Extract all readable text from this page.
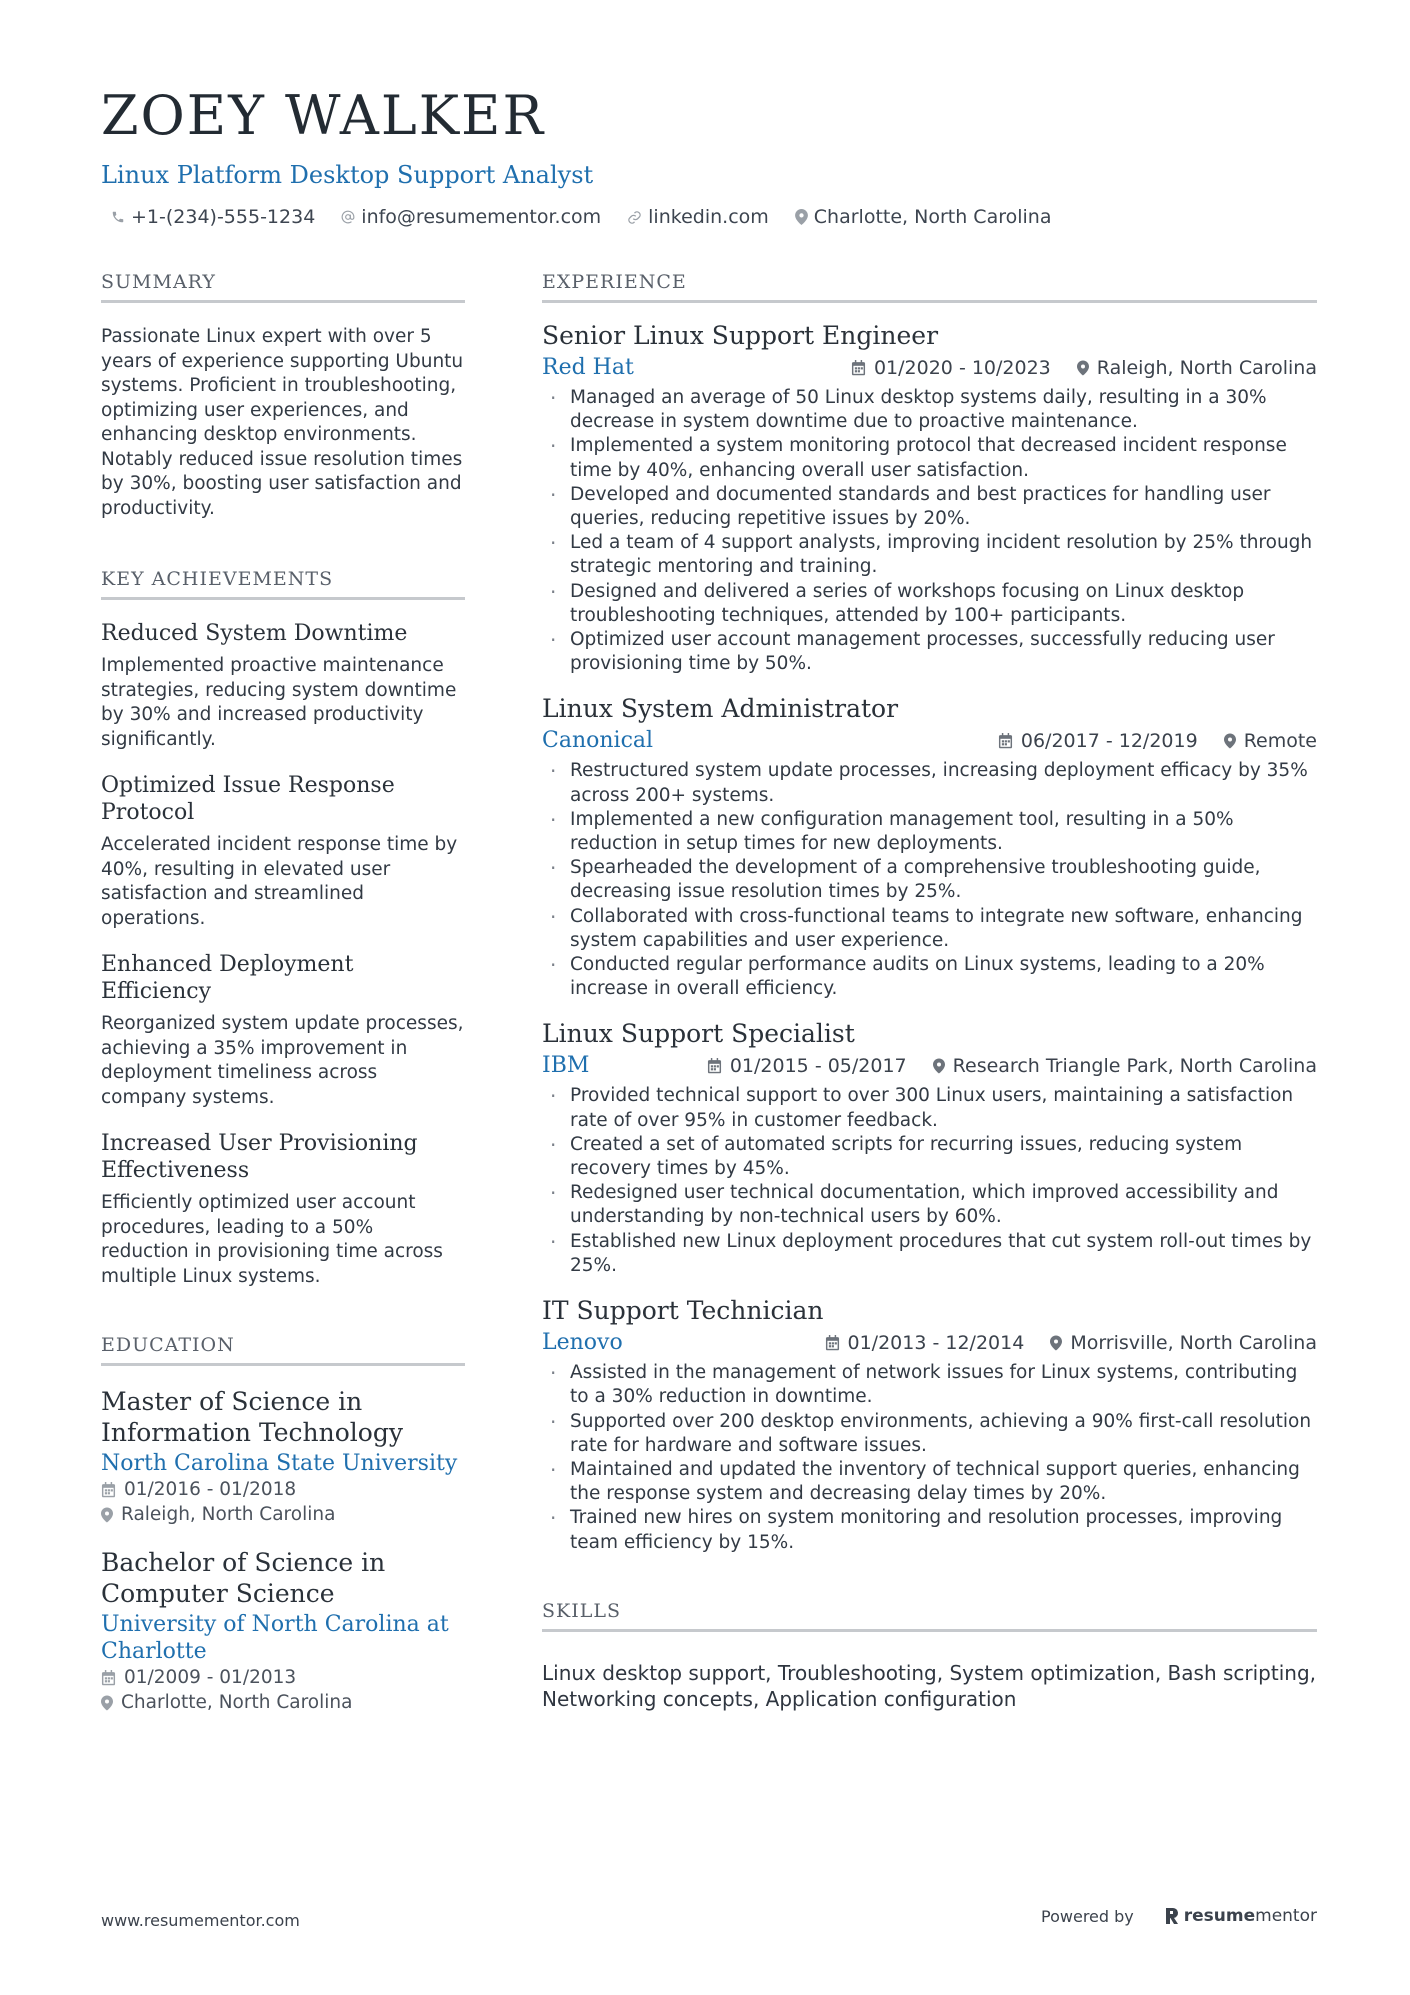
ZOEY WALKER
Linux Platform Desktop Support Analyst
+1-(234)-555-1234 info@resumementor.com linkedin.com Charlotte, North Carolina
SUMMARY
Passionate Linux expert with over 5 years of experience supporting Ubuntu systems. Proficient in troubleshooting, optimizing user experiences, and enhancing desktop environments. Notably reduced issue resolution times by 30%, boosting user satisfaction and productivity.
KEY ACHIEVEMENTS
Reduced System Downtime
Implemented proactive maintenance strategies, reducing system downtime by 30% and increased productivity significantly.
Optimized Issue Response Protocol
Accelerated incident response time by 40%, resulting in elevated user satisfaction and streamlined operations.
Enhanced Deployment Efficiency
Reorganized system update processes, achieving a 35% improvement in deployment timeliness across company systems.
Increased User Provisioning Effectiveness
Efficiently optimized user account procedures, leading to a 50% reduction in provisioning time across multiple Linux systems.
EDUCATION
Master of Science in Information Technology
North Carolina State University
01/2016 - 01/2018
Raleigh, North Carolina
Bachelor of Science in Computer Science
University of North Carolina at Charlotte
01/2009 - 01/2013
Charlotte, North Carolina
EXPERIENCE
Senior Linux Support Engineer
Red Hat	01/2020 - 10/2023 Raleigh, North Carolina
· Managed an average of 50 Linux desktop systems daily, resulting in a 30% decrease in system downtime due to proactive maintenance.
· Implemented a system monitoring protocol that decreased incident response time by 40%, enhancing overall user satisfaction.
· Developed and documented standards and best practices for handling user queries, reducing repetitive issues by 20%.
· Led a team of 4 support analysts, improving incident resolution by 25% through strategic mentoring and training.
· Designed and delivered a series of workshops focusing on Linux desktop troubleshooting techniques, attended by 100+ participants.
· Optimized user account management processes, successfully reducing user provisioning time by 50%.
Linux System Administrator
Canonical	06/2017 - 12/2019 Remote
· Restructured system update processes, increasing deployment efficacy by 35% across 200+ systems.
· Implemented a new configuration management tool, resulting in a 50% reduction in setup times for new deployments.
· Spearheaded the development of a comprehensive troubleshooting guide, decreasing issue resolution times by 25%.
· Collaborated with cross-functional teams to integrate new software, enhancing system capabilities and user experience.
· Conducted regular performance audits on Linux systems, leading to a 20% increase in overall efficiency.
Linux Support Specialist
IBM	01/2015 - 05/2017 Research Triangle Park, North Carolina
· Provided technical support to over 300 Linux users, maintaining a satisfaction rate of over 95% in customer feedback.
· Created a set of automated scripts for recurring issues, reducing system recovery times by 45%.
· Redesigned user technical documentation, which improved accessibility and understanding by non-technical users by 60%.
· Established new Linux deployment procedures that cut system roll-out times by 25%.
IT Support Technician
Lenovo	01/2013 - 12/2014 Morrisville, North Carolina
· Assisted in the management of network issues for Linux systems, contributing to a 30% reduction in downtime.
· Supported over 200 desktop environments, achieving a 90% first-call resolution rate for hardware and software issues.
· Maintained and updated the inventory of technical support queries, enhancing the response system and decreasing delay times by 20%.
· Trained new hires on system monitoring and resolution processes, improving team efficiency by 15%.
SKILLS
Linux desktop support, Troubleshooting, System optimization, Bash scripting, Networking concepts, Application configuration
www.resumementor.com	Powered by	resume mentor
